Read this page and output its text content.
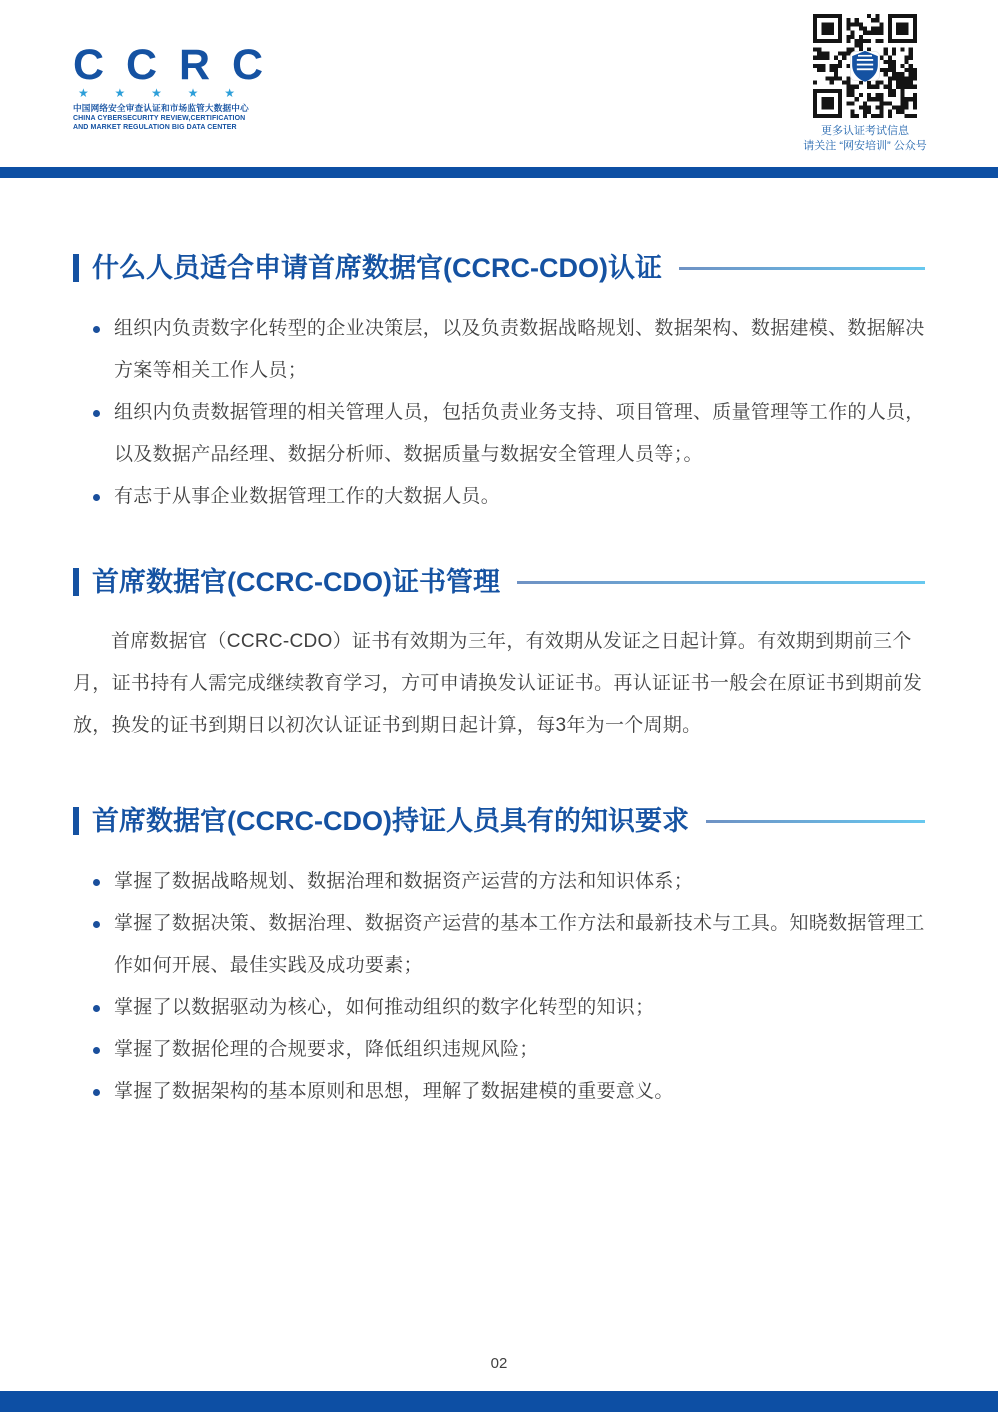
C C R C
★ ★ ★ ★ ★
中国网络安全审查认证和市场监管大数据中心
CHINA CYBERSECURITY REVIEW,CERTIFICATION
AND MARKET REGULATION BIG DATA CENTER	更多认证考试信息
请关注 “网安培训” 公众号
什么人员适合申请首席数据官(CCRC-CDO)认证
组织内负责数字化转型的企业决策层，以及负责数据战略规划、数据架构、数据建模、数据解决方案等相关工作人员；
组织内负责数据管理的相关管理人员，包括负责业务支持、项目管理、质量管理等工作的人员，以及数据产品经理、数据分析师、数据质量与数据安全管理人员等；。
有志于从事企业数据管理工作的大数据人员。
首席数据官(CCRC-CDO)证书管理
首席数据官（CCRC-CDO）证书有效期为三年，有效期从发证之日起计算。有效期到期前三个月，证书持有人需完成继续教育学习，方可申请换发认证证书。再认证证书一般会在原证书到期前发放，换发的证书到期日以初次认证证书到期日起计算，每3年为一个周期。
首席数据官(CCRC-CDO)持证人员具有的知识要求
掌握了数据战略规划、数据治理和数据资产运营的方法和知识体系；
掌握了数据决策、数据治理、数据资产运营的基本工作方法和最新技术与工具。知晓数据管理工作如何开展、最佳实践及成功要素；
掌握了以数据驱动为核心，如何推动组织的数字化转型的知识；
掌握了数据伦理的合规要求，降低组织违规风险；
掌握了数据架构的基本原则和思想，理解了数据建模的重要意义。
02
